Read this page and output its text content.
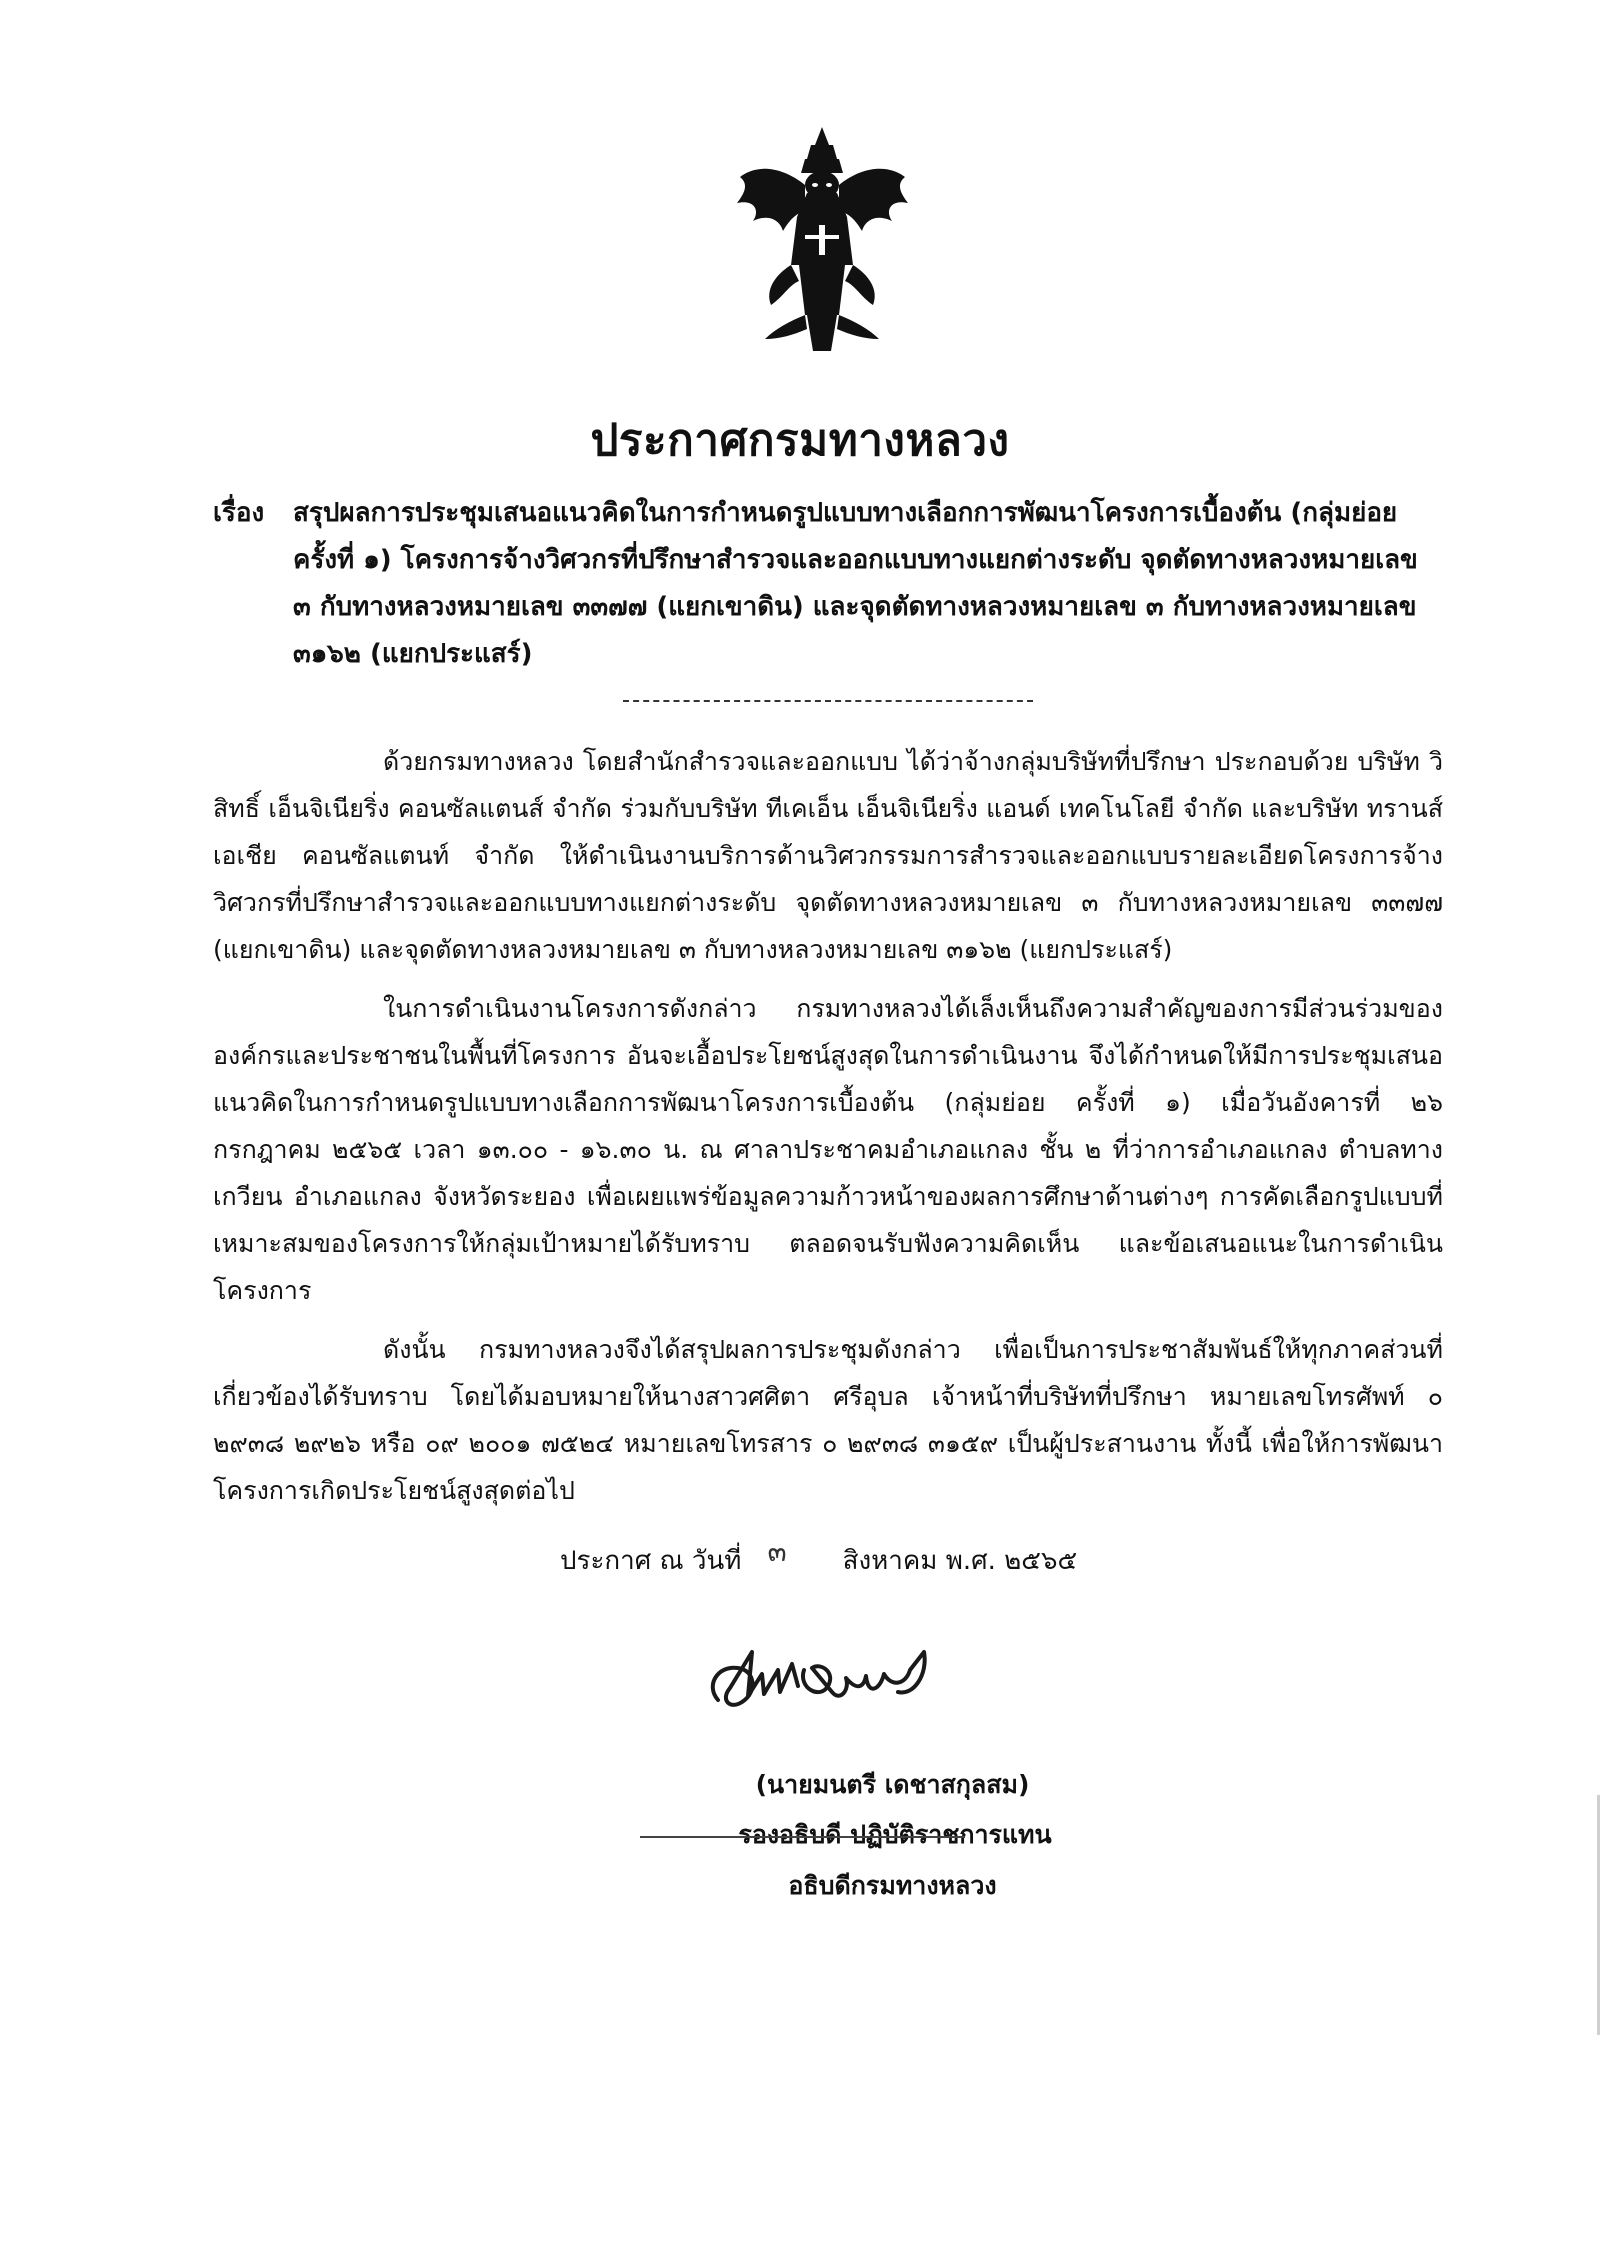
ประกาศกรมทางหลวง
เรื่อง สรุปผลการประชุมเสนอแนวคิดในการกำหนดรูปแบบทางเลือกการพัฒนาโครงการเบื้องต้น (กลุ่มย่อย ครั้งที่ ๑) โครงการจ้างวิศวกรที่ปรึกษาสำรวจและออกแบบทางแยกต่างระดับ จุดตัดทางหลวงหมายเลข ๓ กับทางหลวงหมายเลข ๓๓๗๗ (แยกเขาดิน) และจุดตัดทางหลวงหมายเลข ๓ กับทางหลวงหมายเลข ๓๑๖๒ (แยกประแสร์)

ด้วยกรมทางหลวง โดยสำนักสำรวจและออกแบบ ได้ว่าจ้างกลุ่มบริษัทที่ปรึกษา ประกอบด้วย บริษัท วิสิทธิ์ เอ็นจิเนียริ่ง คอนซัลแตนส์ จำกัด ร่วมกับบริษัท ทีเคเอ็น เอ็นจิเนียริ่ง แอนด์ เทคโนโลยี จำกัด และบริษัท ทรานส์ เอเชีย คอนซัลแตนท์ จำกัด ให้ดำเนินงานบริการด้านวิศวกรรมการสำรวจและออกแบบรายละเอียดโครงการจ้างวิศวกรที่ปรึกษาสำรวจและออกแบบทางแยกต่างระดับ จุดตัดทางหลวงหมายเลข ๓ กับทางหลวงหมายเลข ๓๓๗๗ (แยกเขาดิน) และจุดตัดทางหลวงหมายเลข ๓ กับทางหลวงหมายเลข ๓๑๖๒ (แยกประแสร์)

ในการดำเนินงานโครงการดังกล่าว กรมทางหลวงได้เล็งเห็นถึงความสำคัญของการมีส่วนร่วมขององค์กรและประชาชนในพื้นที่โครงการ อันจะเอื้อประโยชน์สูงสุดในการดำเนินงาน จึงได้กำหนดให้มีการประชุมเสนอแนวคิดในการกำหนดรูปแบบทางเลือกการพัฒนาโครงการเบื้องต้น (กลุ่มย่อย ครั้งที่ ๑) เมื่อวันอังคารที่ ๒๖ กรกฎาคม ๒๕๖๕ เวลา ๑๓.๐๐ - ๑๖.๓๐ น. ณ ศาลาประชาคมอำเภอแกลง ชั้น ๒ ที่ว่าการอำเภอแกลง ตำบลทางเกวียน อำเภอแกลง จังหวัดระยอง เพื่อเผยแพร่ข้อมูลความก้าวหน้าของผลการศึกษาด้านต่างๆ การคัดเลือกรูปแบบที่เหมาะสมของโครงการให้กลุ่มเป้าหมายได้รับทราบ ตลอดจนรับฟังความคิดเห็น และข้อเสนอแนะในการดำเนินโครงการ

ดังนั้น กรมทางหลวงจึงได้สรุปผลการประชุมดังกล่าว เพื่อเป็นการประชาสัมพันธ์ให้ทุกภาคส่วนที่เกี่ยวข้องได้รับทราบ โดยได้มอบหมายให้นางสาวศศิตา ศรีอุบล เจ้าหน้าที่บริษัทที่ปรึกษา หมายเลขโทรศัพท์ ๐ ๒๙๓๘ ๒๙๒๖ หรือ ๐๙ ๒๐๐๑ ๗๕๒๔ หมายเลขโทรสาร ๐ ๒๙๓๘ ๓๑๕๙ เป็นผู้ประสานงาน ทั้งนี้ เพื่อให้การพัฒนาโครงการเกิดประโยชน์สูงสุดต่อไป

ประกาศ ณ วันที่ ๓ สิงหาคม พ.ศ. ๒๕๖๕
(นายมนตรี เดชาสกุลสม)
รองอธิบดี ปฏิบัติราชการแทน
อธิบดีกรมทางหลวง
